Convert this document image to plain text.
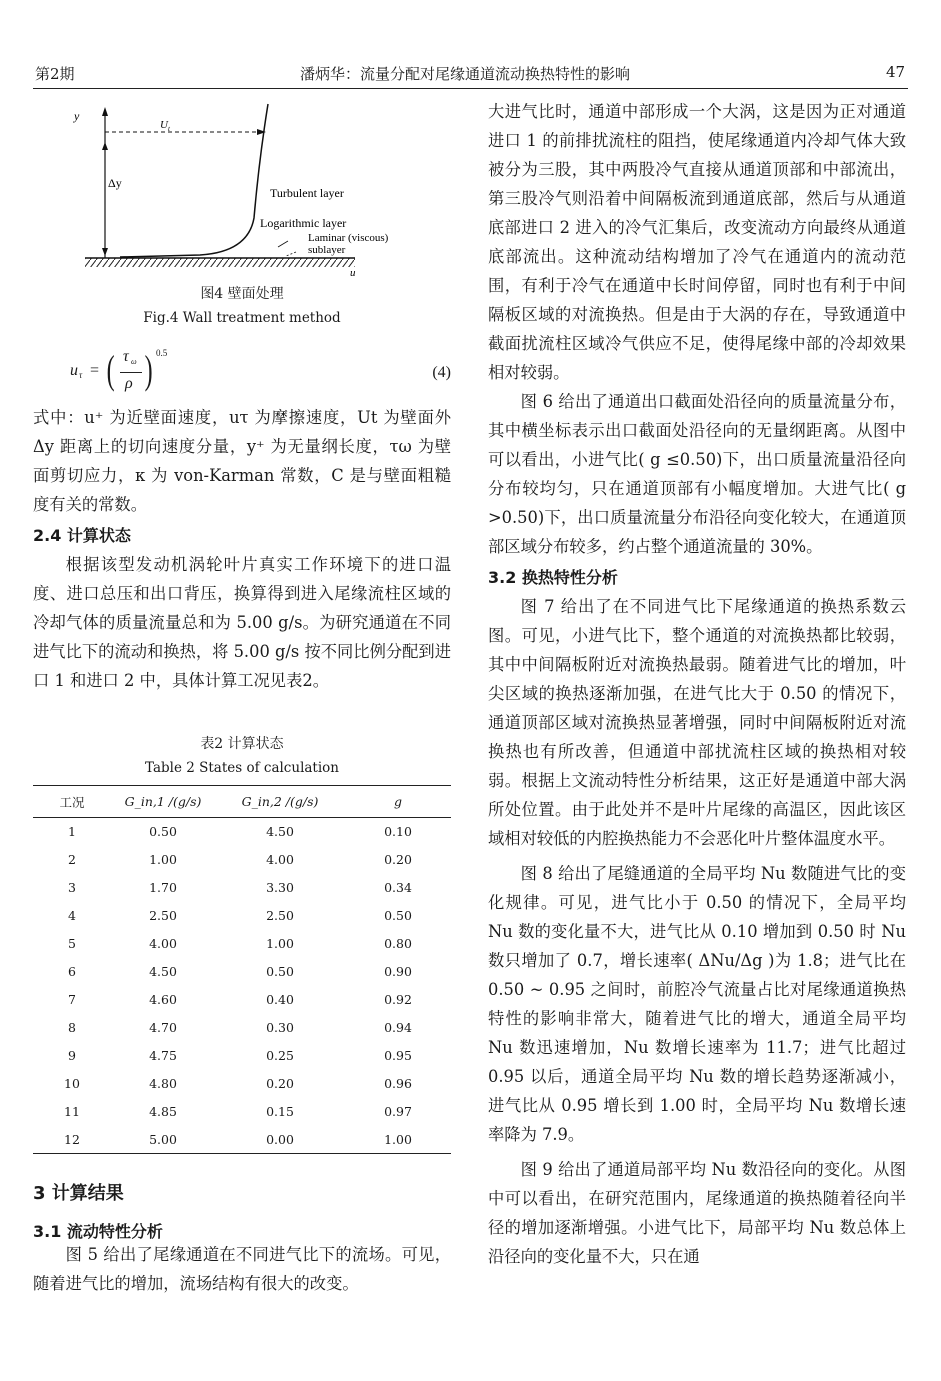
第2期	潘炳华：流量分配对尾缘通道流动换热特性的影响	47
y
U t
Δy
Turbulent layer
Logarithmic layer
Laminar (viscous)
sublayer
u
图4 壁面处理
Fig.4 Wall treatment method
u τ = ( τ ω
ρ ) 0.5
(4)

式中：u⁺ 为近壁面速度，uτ 为摩擦速度，Ut 为壁面外 Δy 距离上的切向速度分量，y⁺ 为无量纲长度，τω 为壁面剪切应力，κ 为 von-Karman 常数，C 是与壁面粗糙度有关的常数。

2.4 计算状态

根据该型发动机涡轮叶片真实工作环境下的进口温度、进口总压和出口背压，换算得到进入尾缘流柱区域的冷却气体的质量流量总和为 5.00 g/s。为研究通道在不同进气比下的流动和换热，将 5.00 g/s 按不同比例分配到进口 1 和进口 2 中，具体计算工况见表2。

表2 计算状态
Table 2 States of calculation
工况	G_in,1 /(g/s)	G_in,2 /(g/s)	g
1	0.50	4.50	0.10
2	1.00	4.00	0.20
3	1.70	3.30	0.34
4	2.50	2.50	0.50
5	4.00	1.00	0.80
6	4.50	0.50	0.90
7	4.60	0.40	0.92
8	4.70	0.30	0.94
9	4.75	0.25	0.95
10	4.80	0.20	0.96
11	4.85	0.15	0.97
12	5.00	0.00	1.00
3 计算结果
3.1 流动特性分析
图 5 给出了尾缘通道在不同进气比下的流场。可见，随着进气比的增加，流场结构有很大的改变。

大进气比时，通道中部形成一个大涡，这是因为正对通道进口 1 的前排扰流柱的阻挡，使尾缘通道内冷却气体大致被分为三股，其中两股冷气直接从通道顶部和中部流出，第三股冷气则沿着中间隔板流到通道底部，然后与从通道底部进口 2 进入的冷气汇集后，改变流动方向最终从通道底部流出。这种流动结构增加了冷气在通道内的流动范围，有利于冷气在通道中长时间停留，同时也有利于中间隔板区域的对流换热。但是由于大涡的存在，导致通道中截面扰流柱区域冷气供应不足，使得尾缘中部的冷却效果相对较弱。

图 6 给出了通道出口截面处沿径向的质量流量分布，其中横坐标表示出口截面处沿径向的无量纲距离。从图中可以看出，小进气比( g ≤0.50)下，出口质量流量沿径向分布较均匀，只在通道顶部有小幅度增加。大进气比( g >0.50)下，出口质量流量分布沿径向变化较大，在通道顶部区域分布较多，约占整个通道流量的 30%。

3.2 换热特性分析

图 7 给出了在不同进气比下尾缘通道的换热系数云图。可见，小进气比下，整个通道的对流换热都比较弱，其中中间隔板附近对流换热最弱。随着进气比的增加，叶尖区域的换热逐渐加强，在进气比大于 0.50 的情况下，通道顶部区域对流换热显著增强，同时中间隔板附近对流换热也有所改善，但通道中部扰流柱区域的换热相对较弱。根据上文流动特性分析结果，这正好是通道中部大涡所处位置。由于此处并不是叶片尾缘的高温区，因此该区域相对较低的内腔换热能力不会恶化叶片整体温度水平。

图 8 给出了尾缝通道的全局平均 Nu 数随进气比的变化规律。可见，进气比小于 0.50 的情况下，全局平均 Nu 数的变化量不大，进气比从 0.10 增加到 0.50 时 Nu 数只增加了 0.7，增长速率( ΔNu/Δg )为 1.8；进气比在 0.50 ~ 0.95 之间时，前腔冷气流量占比对尾缘通道换热特性的影响非常大，随着进气比的增大，通道全局平均 Nu 数迅速增加，Nu 数增长速率为 11.7；进气比超过 0.95 以后，通道全局平均 Nu 数的增长趋势逐渐减小，进气比从 0.95 增长到 1.00 时，全局平均 Nu 数增长速率降为 7.9。

图 9 给出了通道局部平均 Nu 数沿径向的变化。从图中可以看出，在研究范围内，尾缘通道的换热随着径向半径的增加逐渐增强。小进气比下，局部平均 Nu 数总体上沿径向的变化量不大，只在通
